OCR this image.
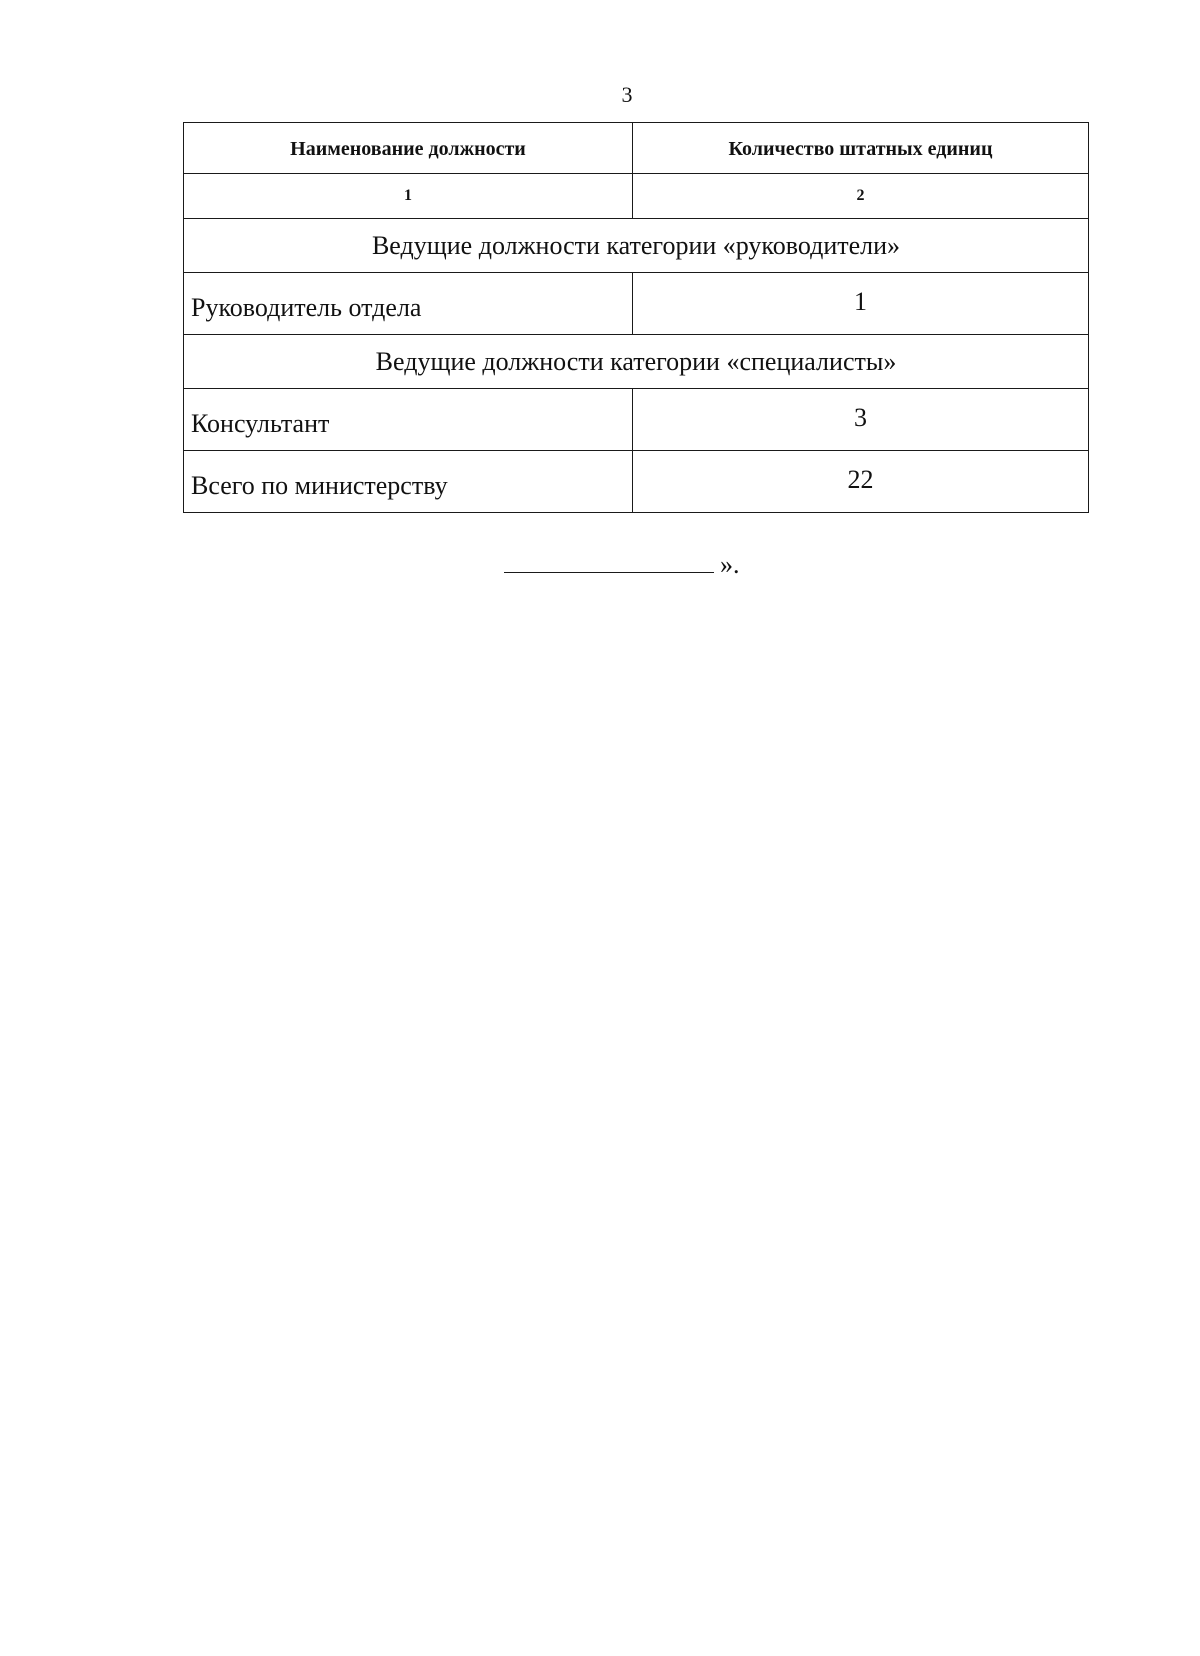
3
Наименование должности	Количество штатных единиц
1	2
Ведущие должности категории «руководители»	
Руководитель отдела	1
Ведущие должности категории «специалисты»	
Консультант	3
Всего по министерству	22
».
